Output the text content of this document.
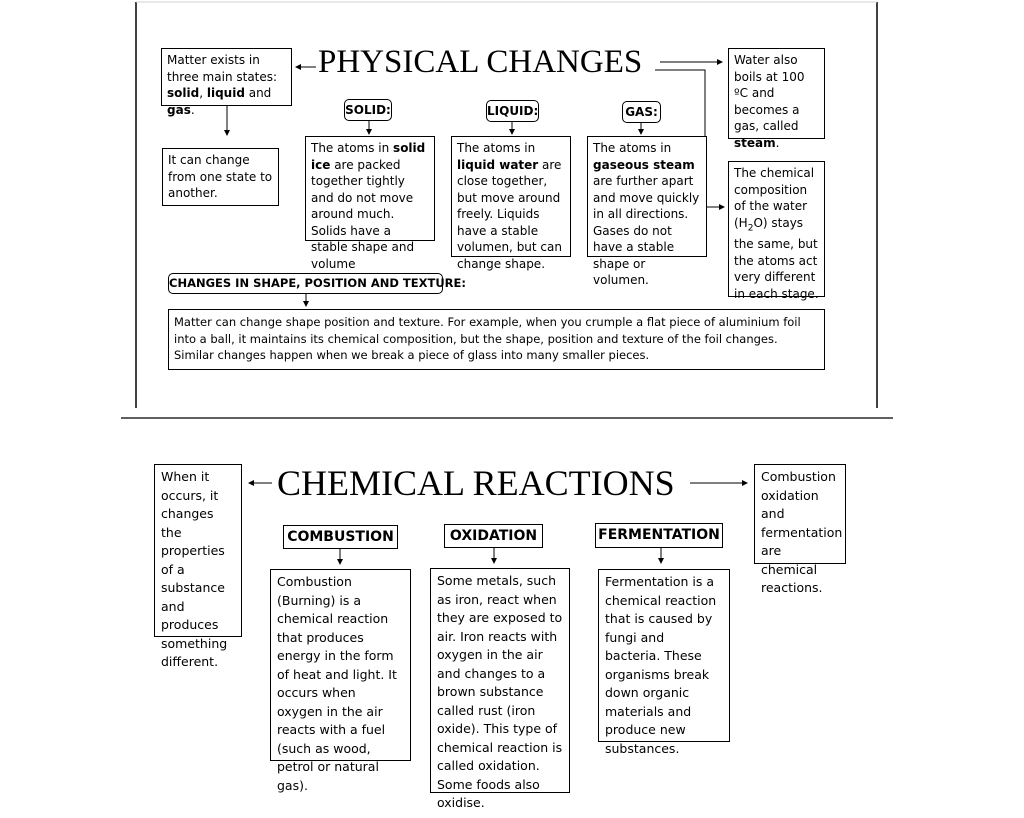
PHYSICAL CHANGES
Matter exists in
three main states:
solid, liquid and gas.
It can change from one state to another.
Water also boils at 100 ºC and becomes a gas, called steam.
The chemical composition of the water $(H_2O)$ stays the same, but the atoms act very different in each stage.
SOLID:	LIQUID:	GAS:
The atoms in solid ice are packed together tightly and do not move around much. Solids have a stable shape and volume
The atoms in liquid water are close together, but move around freely. Liquids have a stable volumen, but can change shape.
The atoms in gaseous steam are further apart and move quickly in all directions. Gases do not have a stable shape or volumen.
CHANGES IN SHAPE, POSITION AND TEXTURE:
Matter can change shape position and texture. For example, when you crumple a flat piece of aluminium foil into a ball, it maintains its chemical composition, but the shape, position and texture of the foil changes. Similar changes happen when we break a piece of glass into many smaller pieces.
CHEMICAL REACTIONS
When it occurs, it changes the properties of a substance and produces something different.
Combustion oxidation and fermentation are chemical reactions.
COMBUSTION	OXIDATION	FERMENTATION
Combustion (Burning) is a chemical reaction that produces energy in the form of heat and light. It occurs when oxygen in the air reacts with a fuel (such as wood, petrol or natural gas).
Some metals, such as iron, react when they are exposed to air. Iron reacts with oxygen in the air and changes to a brown substance called rust (iron oxide). This type of chemical reaction is called oxidation. Some foods also oxidise.
Fermentation is a chemical reaction that is caused by fungi and bacteria. These organisms break down organic materials and produce new substances.
